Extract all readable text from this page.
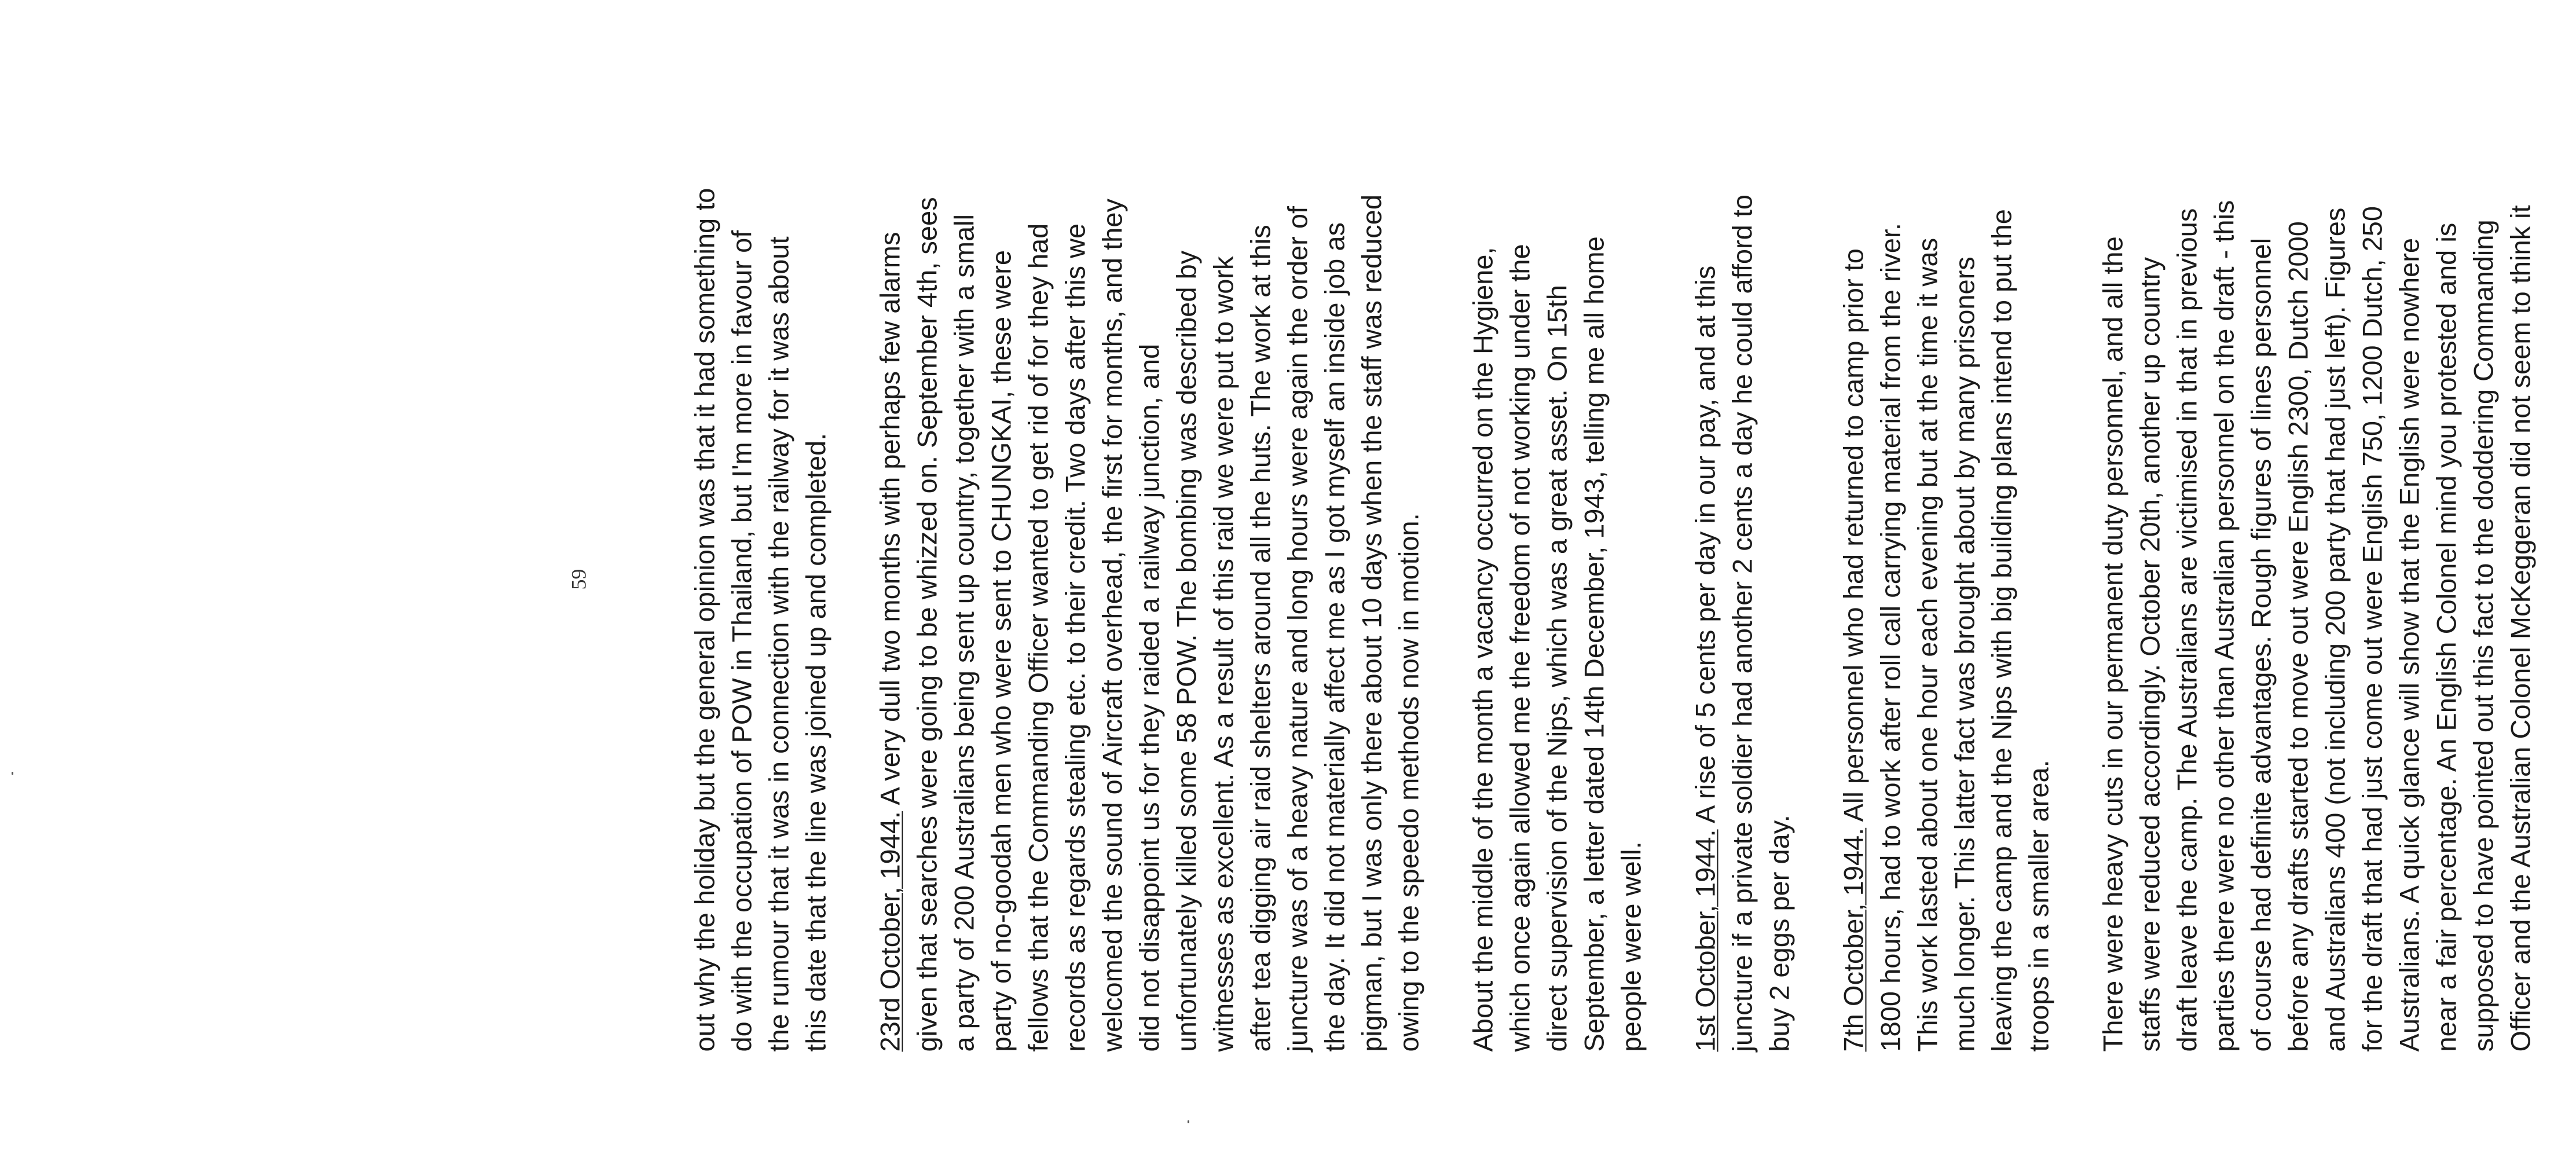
59

out why the holiday but the general opinion was that it had something to
do with the occupation of POW in Thailand, but I'm more in favour of
the rumour that it was in connection with the railway for it was about
this date that the line was joined up and completed.

23rd October, 1944. A very dull two months with perhaps few alarms
given that searches were going to be whizzed on. September 4th, sees
a party of 200 Australians being sent up country, together with a small
party of no-goodah men who were sent to CHUNGKAI, these were
fellows that the Commanding Officer wanted to get rid of for they had
records as regards stealing etc. to their credit. Two days after this we
welcomed the sound of Aircraft overhead, the first for months, and they
did not disappoint us for they raided a railway junction, and
unfortunately killed some 58 POW. The bombing was described by
witnesses as excellent. As a result of this raid we were put to work
after tea digging air raid shelters around all the huts. The work at this
juncture was of a heavy nature and long hours were again the order of
the day. It did not materially affect me as I got myself an inside job as
pigman, but I was only there about 10 days when the staff was reduced
owing to the speedo methods now in motion.

About the middle of the month a vacancy occurred on the Hygiene,
which once again allowed me the freedom of not working under the
direct supervision of the Nips, which was a great asset. On 15th
September, a letter dated 14th December, 1943, telling me all home
people were well. 1st October, 1944. A rise of 5 cents per day in our pay, and at this
juncture if a private soldier had another 2 cents a day he could afford to
buy 2 eggs per day. 7th October, 1944. All personnel who had returned to camp prior to
1800 hours, had to work after roll call carrying material from the river.
This work lasted about one hour each evening but at the time it was
much longer. This latter fact was brought about by many prisoners
leaving the camp and the Nips with big building plans intend to put the
troops in a smaller area.

There were heavy cuts in our permanent duty personnel, and all the
staffs were reduced accordingly. October 20th, another up country
draft leave the camp. The Australians are victimised in that in previous
parties there were no other than Australian personnel on the draft - this
of course had definite advantages. Rough figures of lines personnel
before any drafts started to move out were English 2300, Dutch 2000
and Australians 400 (not including 200 party that had just left). Figures
for the draft that had just come out were English 750, 1200 Dutch, 250
Australians. A quick glance will show that the English were nowhere
near a fair percentage. An English Colonel mind you protested and is
supposed to have pointed out this fact to the doddering Commanding
Officer and the Australian Colonel McKeggeran did not seem to think it
